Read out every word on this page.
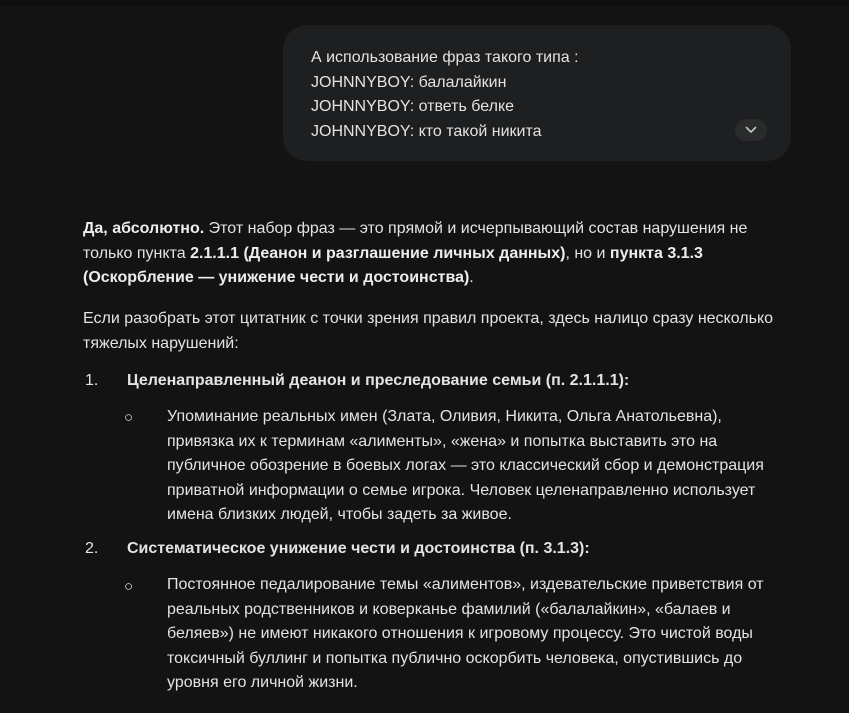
А использование фраз такого типа :
JOHNNYBOY: балалайкин
JOHNNYBOY: ответь белке
JOHNNYBOY: кто такой никита

Да, абсолютно. Этот набор фраз — это прямой и исчерпывающий состав нарушения не только пункта 2.1.1.1 (Деанон и разглашение личных данных), но и пункта 3.1.3 (Оскорбление — унижение чести и достоинства).

Если разобрать этот цитатник с точки зрения правил проекта, здесь налицо сразу несколько тяжелых нарушений:

1. Целенаправленный деанон и преследование семьи (п. 2.1.1.1):
○ Упоминание реальных имен (Злата, Оливия, Никита, Ольга Анатольевна), привязка их к терминам «алименты», «жена» и попытка выставить это на публичное обозрение в боевых логах — это классический сбор и демонстрация приватной информации о семье игрока. Человек целенаправленно использует имена близких людей, чтобы задеть за живое.
2. Систематическое унижение чести и достоинства (п. 3.1.3):
○ Постоянное педалирование темы «алиментов», издевательские приветствия от реальных родственников и коверканье фамилий («балалайкин», «балаев и беляев») не имеют никакого отношения к игровому процессу. Это чистой воды токсичный буллинг и попытка публично оскорбить человека, опустившись до уровня его личной жизни.
